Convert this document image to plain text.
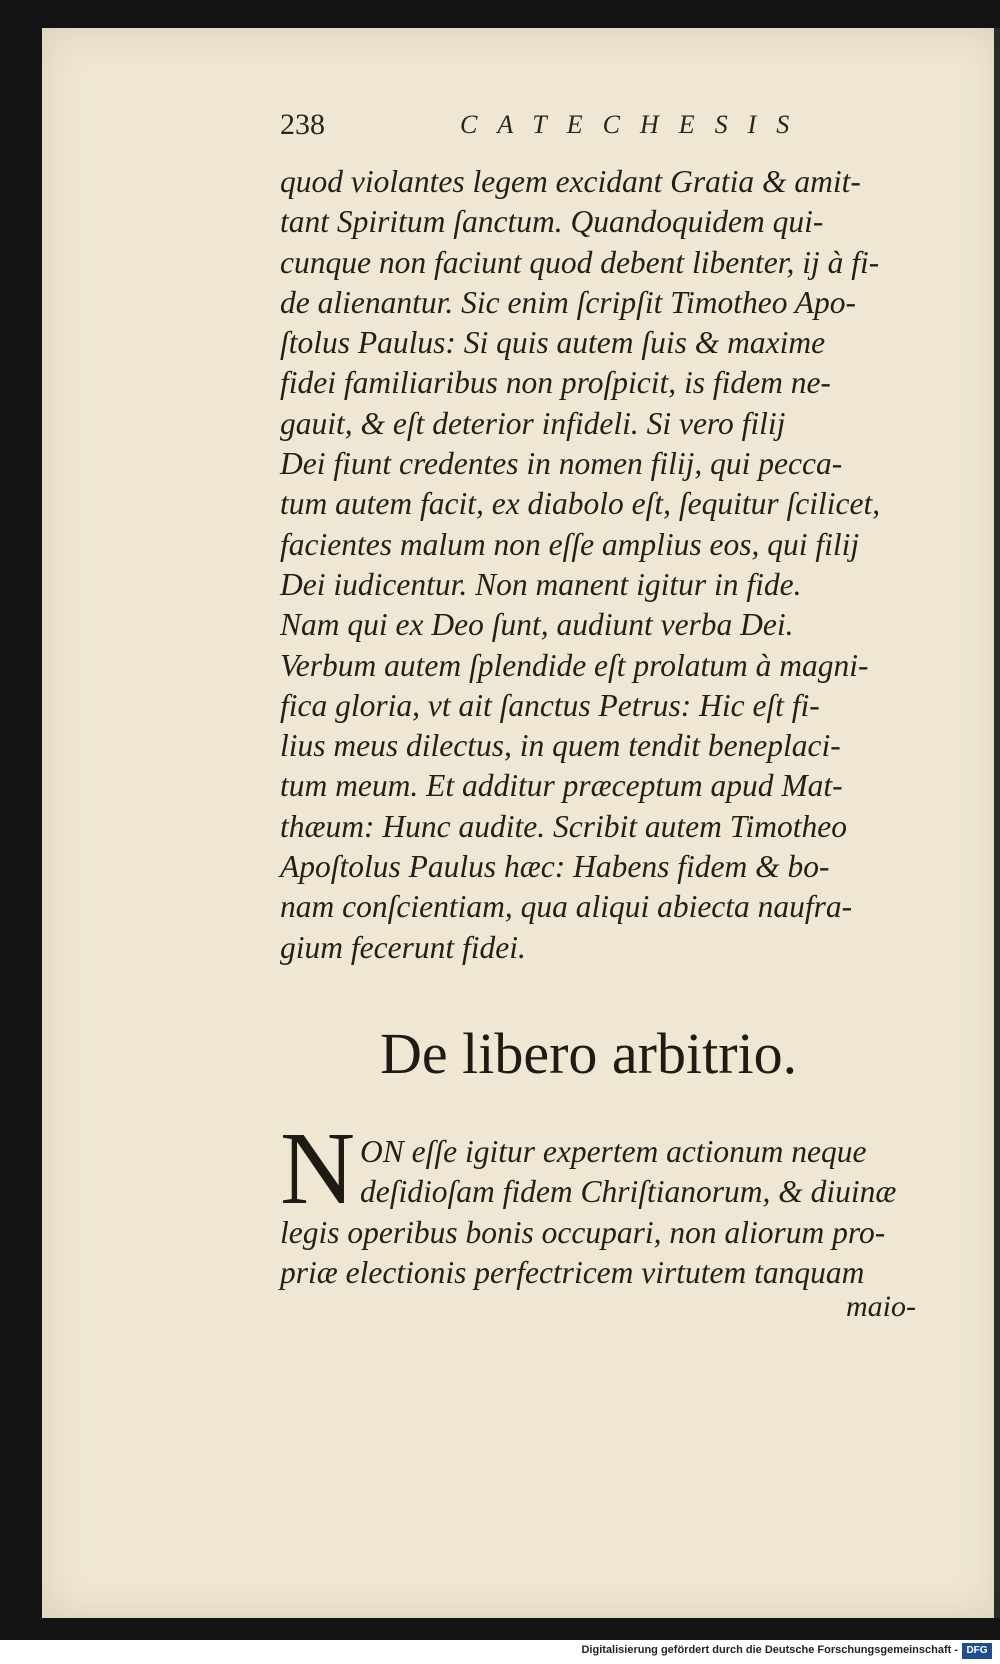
238	CATECHESIS
quod violantes legem excidant Gratia & amit-
tant Spiritum ſanctum. Quandoquidem qui-
cunque non faciunt quod debent libenter, ij à fi-
de alienantur. Sic enim ſcripſit Timotheo Apo-
ſtolus Paulus: Si quis autem ſuis & maxime
fidei familiaribus non proſpicit, is fidem ne-
gauit, & eſt deterior infideli. Si vero filij
Dei fiunt credentes in nomen filij, qui pecca-
tum autem facit, ex diabolo eſt, ſequitur ſcilicet,
facientes malum non eſſe amplius eos, qui filij
Dei iudicentur. Non manent igitur in fide.
Nam qui ex Deo ſunt, audiunt verba Dei.
Verbum autem ſplendide eſt prolatum à magni-
fica gloria, vt ait ſanctus Petrus: Hic eſt fi-
lius meus dilectus, in quem tendit beneplaci-
tum meum. Et additur præceptum apud Mat-
thæum: Hunc audite. Scribit autem Timotheo
Apoſtolus Paulus hæc: Habens fidem & bo-
nam conſcientiam, qua aliqui abiecta naufra-
gium fecerunt fidei.
De libero arbitrio.
N ON eſſe igitur expertem actionum neque
deſidioſam fidem Chriſtianorum, & diuinæ
legis operibus bonis occupari, non aliorum pro-
priæ electionis perfectricem virtutem tanquam
maio-
Digitalisierung gefördert durch die Deutsche Forschungsgemeinschaft - DFG
